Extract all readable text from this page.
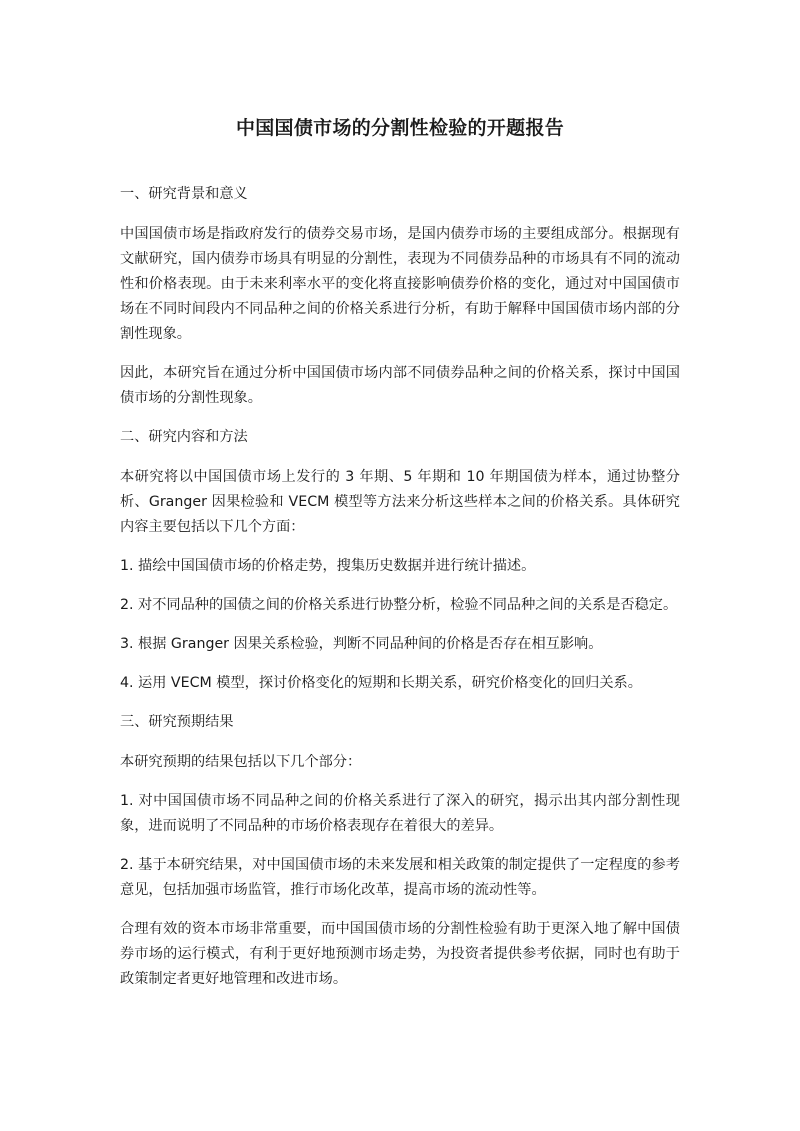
中国国债市场的分割性检验的开题报告

一、研究背景和意义

中国国债市场是指政府发行的债券交易市场，是国内债券市场的主要组成部分。根据现有文献研究，国内债券市场具有明显的分割性，表现为不同债券品种的市场具有不同的流动性和价格表现。由于未来利率水平的变化将直接影响债券价格的变化，通过对中国国债市场在不同时间段内不同品种之间的价格关系进行分析，有助于解释中国国债市场内部的分割性现象。

因此，本研究旨在通过分析中国国债市场内部不同债券品种之间的价格关系，探讨中国国债市场的分割性现象。

二、研究内容和方法

本研究将以中国国债市场上发行的 3 年期、5 年期和 10 年期国债为样本，通过协整分析、Granger 因果检验和 VECM 模型等方法来分析这些样本之间的价格关系。具体研究内容主要包括以下几个方面：

1. 描绘中国国债市场的价格走势，搜集历史数据并进行统计描述。

2. 对不同品种的国债之间的价格关系进行协整分析，检验不同品种之间的关系是否稳定。

3. 根据 Granger 因果关系检验，判断不同品种间的价格是否存在相互影响。

4. 运用 VECM 模型，探讨价格变化的短期和长期关系，研究价格变化的回归关系。

三、研究预期结果

本研究预期的结果包括以下几个部分：

1. 对中国国债市场不同品种之间的价格关系进行了深入的研究，揭示出其内部分割性现象，进而说明了不同品种的市场价格表现存在着很大的差异。

2. 基于本研究结果，对中国国债市场的未来发展和相关政策的制定提供了一定程度的参考意见，包括加强市场监管，推行市场化改革，提高市场的流动性等。

合理有效的资本市场非常重要，而中国国债市场的分割性检验有助于更深入地了解中国债券市场的运行模式，有利于更好地预测市场走势，为投资者提供参考依据，同时也有助于政策制定者更好地管理和改进市场。
